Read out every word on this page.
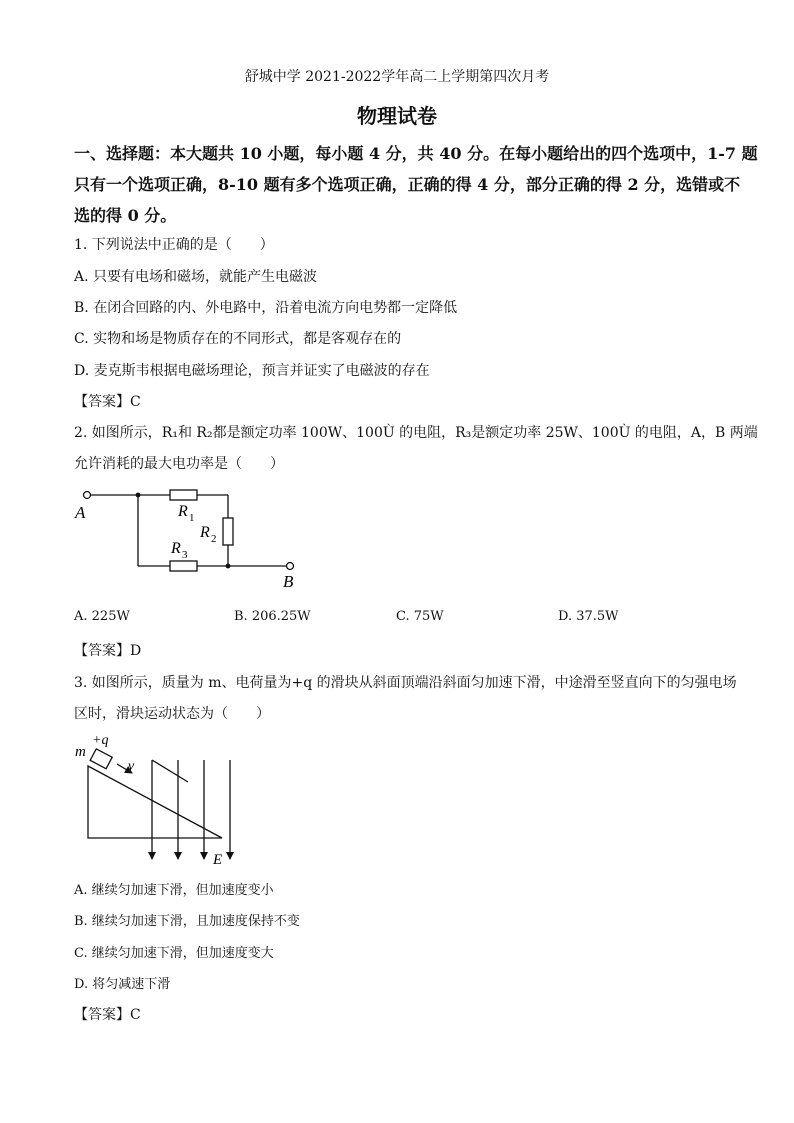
舒城中学 2021-2022学年高二上学期第四次月考
物理试卷
一、选择题：本大题共 10 小题，每小题 4 分，共 40 分。在每小题给出的四个选项中，1-7 题
只有一个选项正确，8-10 题有多个选项正确，正确的得 4 分，部分正确的得 2 分，选错或不
选的得 0 分。
1. 下列说法中正确的是（　　）
A. 只要有电场和磁场，就能产生电磁波
B. 在闭合回路的内、外电路中，沿着电流方向电势都一定降低
C. 实物和场是物质存在的不同形式，都是客观存在的
D. 麦克斯韦根据电磁场理论，预言并证实了电磁波的存在
【答案】C
2. 如图所示，R₁和 R₂都是额定功率 100W、100Ù 的电阻，R₃是额定功率 25W、100Ù 的电阻，A，B 两端
允许消耗的最大电功率是（　　）
A
B
R 1
R 2
R 3
A. 225W	B. 206.25W	C. 75W	D. 37.5W
【答案】D
3. 如图所示，质量为 m、电荷量为+q 的滑块从斜面顶端沿斜面匀加速下滑，中途滑至竖直向下的匀强电场
区时，滑块运动状态为（　　）
m
+q
v
E
A. 继续匀加速下滑，但加速度变小
B. 继续匀加速下滑，且加速度保持不变
C. 继续匀加速下滑，但加速度变大
D. 将匀减速下滑
【答案】C
